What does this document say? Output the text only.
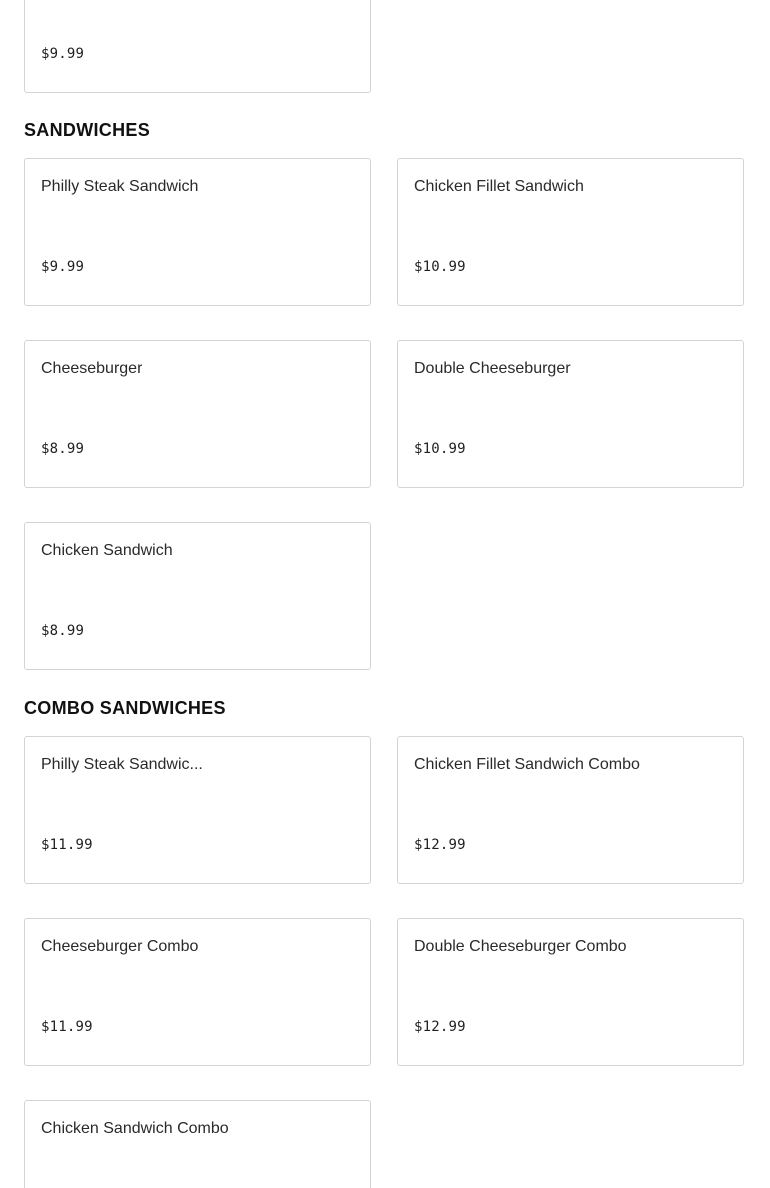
$9.99
SANDWICHES
Philly Steak Sandwich
$9.99
Chicken Fillet Sandwich
$10.99
Cheeseburger
$8.99
Double Cheeseburger
$10.99
Chicken Sandwich
$8.99
COMBO SANDWICHES
Philly Steak Sandwic...
$11.99
Chicken Fillet Sandwich Combo
$12.99
Cheeseburger Combo
$11.99
Double Cheeseburger Combo
$12.99
Chicken Sandwich Combo
